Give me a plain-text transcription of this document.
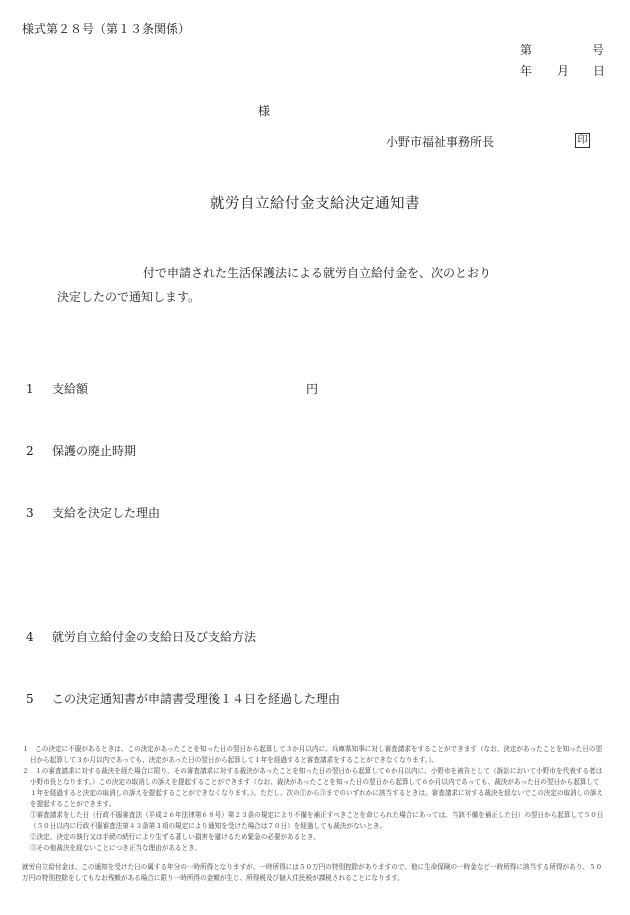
様式第２８号（第１３条関係）
第	号
年 月 日
様
小野市福祉事務所長	印
就労自立給付金支給決定通知書
付で申請された生活保護法による就労自立給付金を、次のとおり
決定したので通知します。
1 支給額	円
2 保護の廃止時期
3 支給を決定した理由
4 就労自立給付金の支給日及び支給方法
5 この決定通知書が申請書受理後１４日を経過した理由

１　この決定に不服があるときは、この決定があったことを知った日の翌日から起算して３か月以内に、兵庫県知事に対し審査請求をすることができます（なお、決定があったことを知った日の翌

日から起算して３か月以内であっても、決定があった日の翌日から起算して１年を経過すると審査請求をすることができなくなります。）。

２　１の審査請求に対する裁決を経た場合に限り、その審査請求に対する裁決があったことを知った日の翌日から起算して６か月以内に、小野市を被告として（訴訟において小野市を代表する者は

小野市長となります。）この決定の取消しの訴えを提起することができます（なお、裁決があったことを知った日の翌日から起算して６か月以内であっても、裁決があった日の翌日から起算して

１年を経過すると決定の取消しの訴えを提起することができなくなります。）。ただし、次の①から③までのいずれかに該当するときは、審査請求に対する裁決を経ないでこの決定の取消しの訴え

を提起することができます。

①審査請求をした日（行政不服審査法（平成２６年法律第６８号）第２３条の規定により不備を補正すべきことを命じられた場合にあっては、当該不備を補正した日）の翌日から起算して５０日

（５０日以内に行政不服審査法第４３条第３項の規定により通知を受けた場合は７０日）を経過しても裁決がないとき。

②決定、決定の執行又は手続の続行により生ずる著しい損害を避けるため緊急の必要があるとき。

③その他裁決を経ないことにつき正当な理由があるとき。

就労自立給付金は、この通知を受けた日の属する年分の一時所得となりますが、一時所得には５０万円の特別控除がありますので、他に生命保険の一時金など一時所得に該当する所得があり、５０

万円の特別控除をしてもなお残額がある場合に限り一時所得の金額が生じ、所得税及び個人住民税が課税されることになります。
